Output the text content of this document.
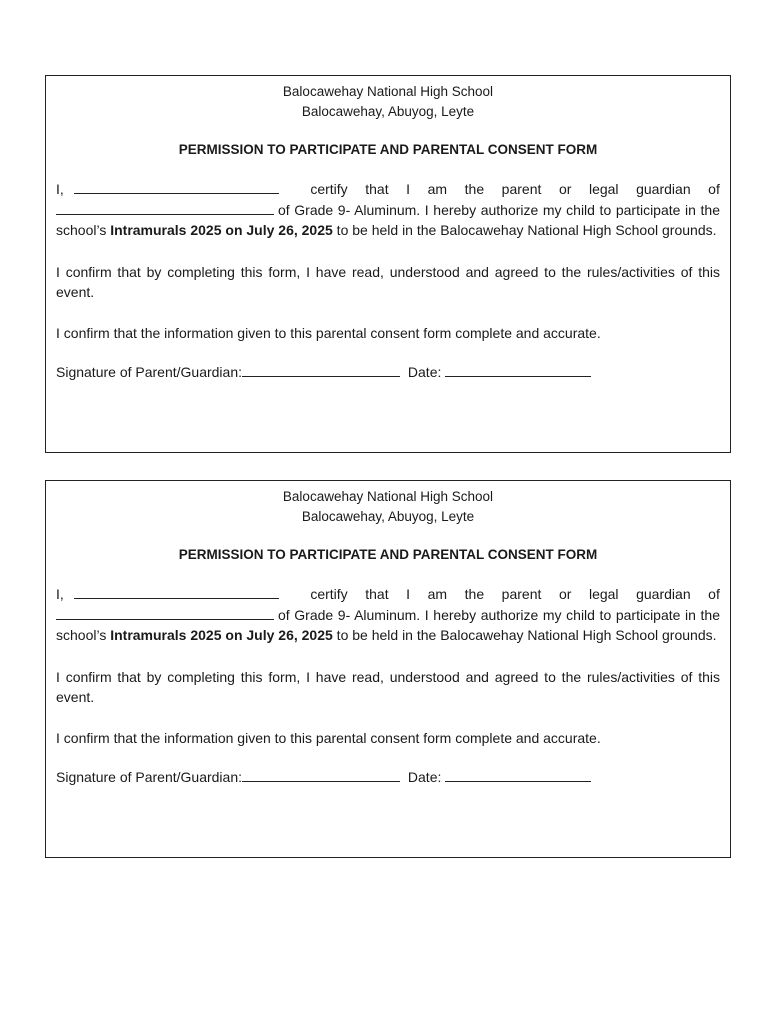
Balocawehay National High School
Balocawehay, Abuyog, Leyte
PERMISSION TO PARTICIPATE AND PARENTAL CONSENT FORM
I,	certify that I am the parent or legal guardian of

of Grade 9- Aluminum. I hereby authorize my child to participate in the school’s Intramurals 2025 on July 26, 2025 to be held in the Balocawehay National High School grounds.

I confirm that by completing this form, I have read, understood and agreed to the rules/activities of this event.

I confirm that the information given to this parental consent form complete and accurate.

Signature of Parent/Guardian:	Date:

Balocawehay National High School
Balocawehay, Abuyog, Leyte
PERMISSION TO PARTICIPATE AND PARENTAL CONSENT FORM
I,	certify that I am the parent or legal guardian of

of Grade 9- Aluminum. I hereby authorize my child to participate in the school’s Intramurals 2025 on July 26, 2025 to be held in the Balocawehay National High School grounds.

I confirm that by completing this form, I have read, understood and agreed to the rules/activities of this event.

I confirm that the information given to this parental consent form complete and accurate.

Signature of Parent/Guardian:	Date:
